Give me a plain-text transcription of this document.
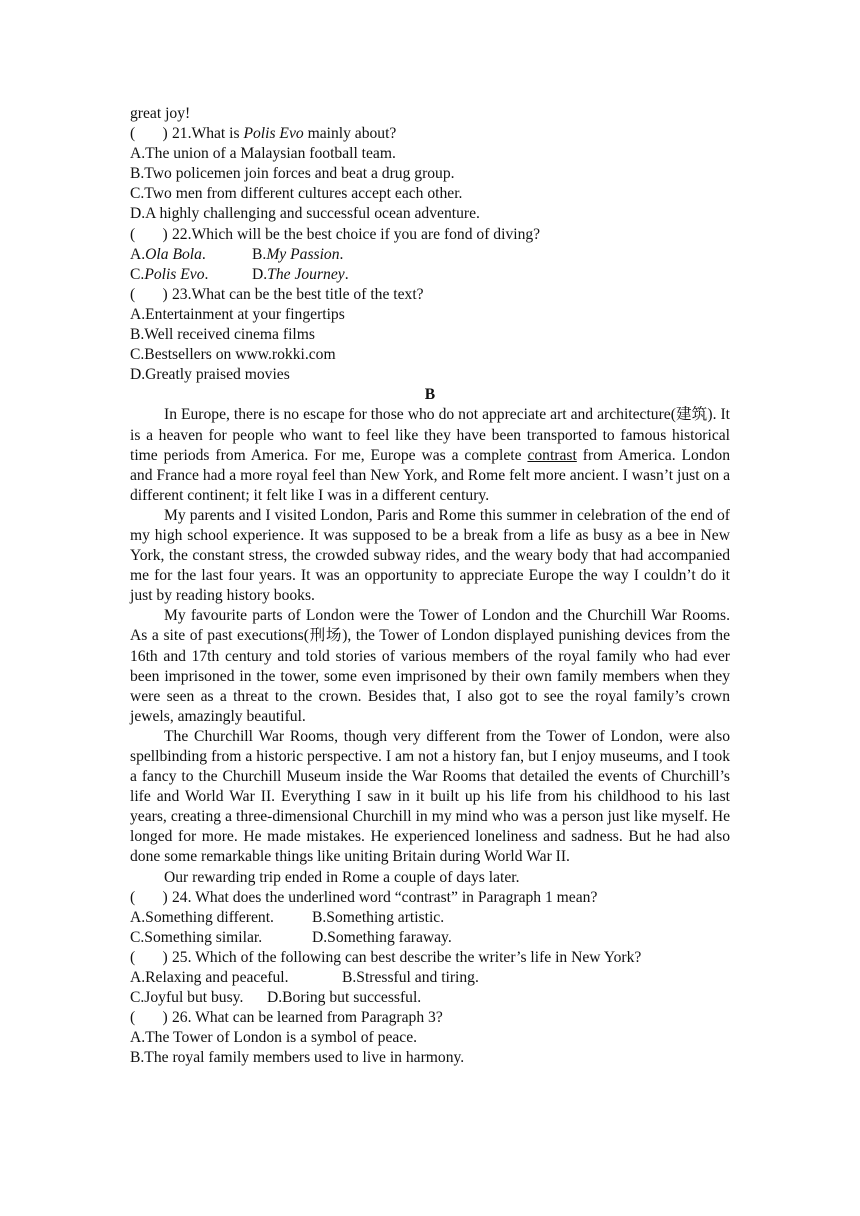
great joy!
(       ) 21.What is Polis Evo mainly about?
A.The union of a Malaysian football team.
B.Two policemen join forces and beat a drug group.
C.Two men from different cultures accept each other.
D.A highly challenging and successful ocean adventure.
(       ) 22.Which will be the best choice if you are fond of diving?
A.Ola Bola.	B.My Passion.
C.Polis Evo.	D.The Journey.
(       ) 23.What can be the best title of the text?
A.Entertainment at your fingertips
B.Well received cinema films
C.Bestsellers on www.rokki.com
D.Greatly praised movies
B

In Europe, there is no escape for those who do not appreciate art and architecture(建筑). It is a heaven for people who want to feel like they have been transported to famous historical time periods from America. For me, Europe was a complete contrast from America. London and France had a more royal feel than New York, and Rome felt more ancient. I wasn’t just on a different continent; it felt like I was in a different century.

My parents and I visited London, Paris and Rome this summer in celebration of the end of my high school experience. It was supposed to be a break from a life as busy as a bee in New York, the constant stress, the crowded subway rides, and the weary body that had accompanied me for the last four years. It was an opportunity to appreciate Europe the way I couldn’t do it just by reading history books.

My favourite parts of London were the Tower of London and the Churchill War Rooms. As a site of past executions(刑场), the Tower of London displayed punishing devices from the 16th and 17th century and told stories of various members of the royal family who had ever been imprisoned in the tower, some even imprisoned by their own family members when they were seen as a threat to the crown. Besides that, I also got to see the royal family’s crown jewels, amazingly beautiful.

The Churchill War Rooms, though very different from the Tower of London, were also spellbinding from a historic perspective. I am not a history fan, but I enjoy museums, and I took a fancy to the Churchill Museum inside the War Rooms that detailed the events of Churchill’s life and World War II. Everything I saw in it built up his life from his childhood to his last years, creating a three-dimensional Churchill in my mind who was a person just like myself. He longed for more. He made mistakes. He experienced loneliness and sadness. But he had also done some remarkable things like uniting Britain during World War II.

Our rewarding trip ended in Rome a couple of days later.

(       ) 24. What does the underlined word “contrast” in Paragraph 1 mean?
A.Something different. B.Something artistic.
C.Something similar.	D.Something faraway.
(       ) 25. Which of the following can best describe the writer’s life in New York?
A.Relaxing and peaceful.	B.Stressful and tiring.
C.Joyful but busy. D.Boring but successful.
(       ) 26. What can be learned from Paragraph 3?
A.The Tower of London is a symbol of peace.
B.The royal family members used to live in harmony.
